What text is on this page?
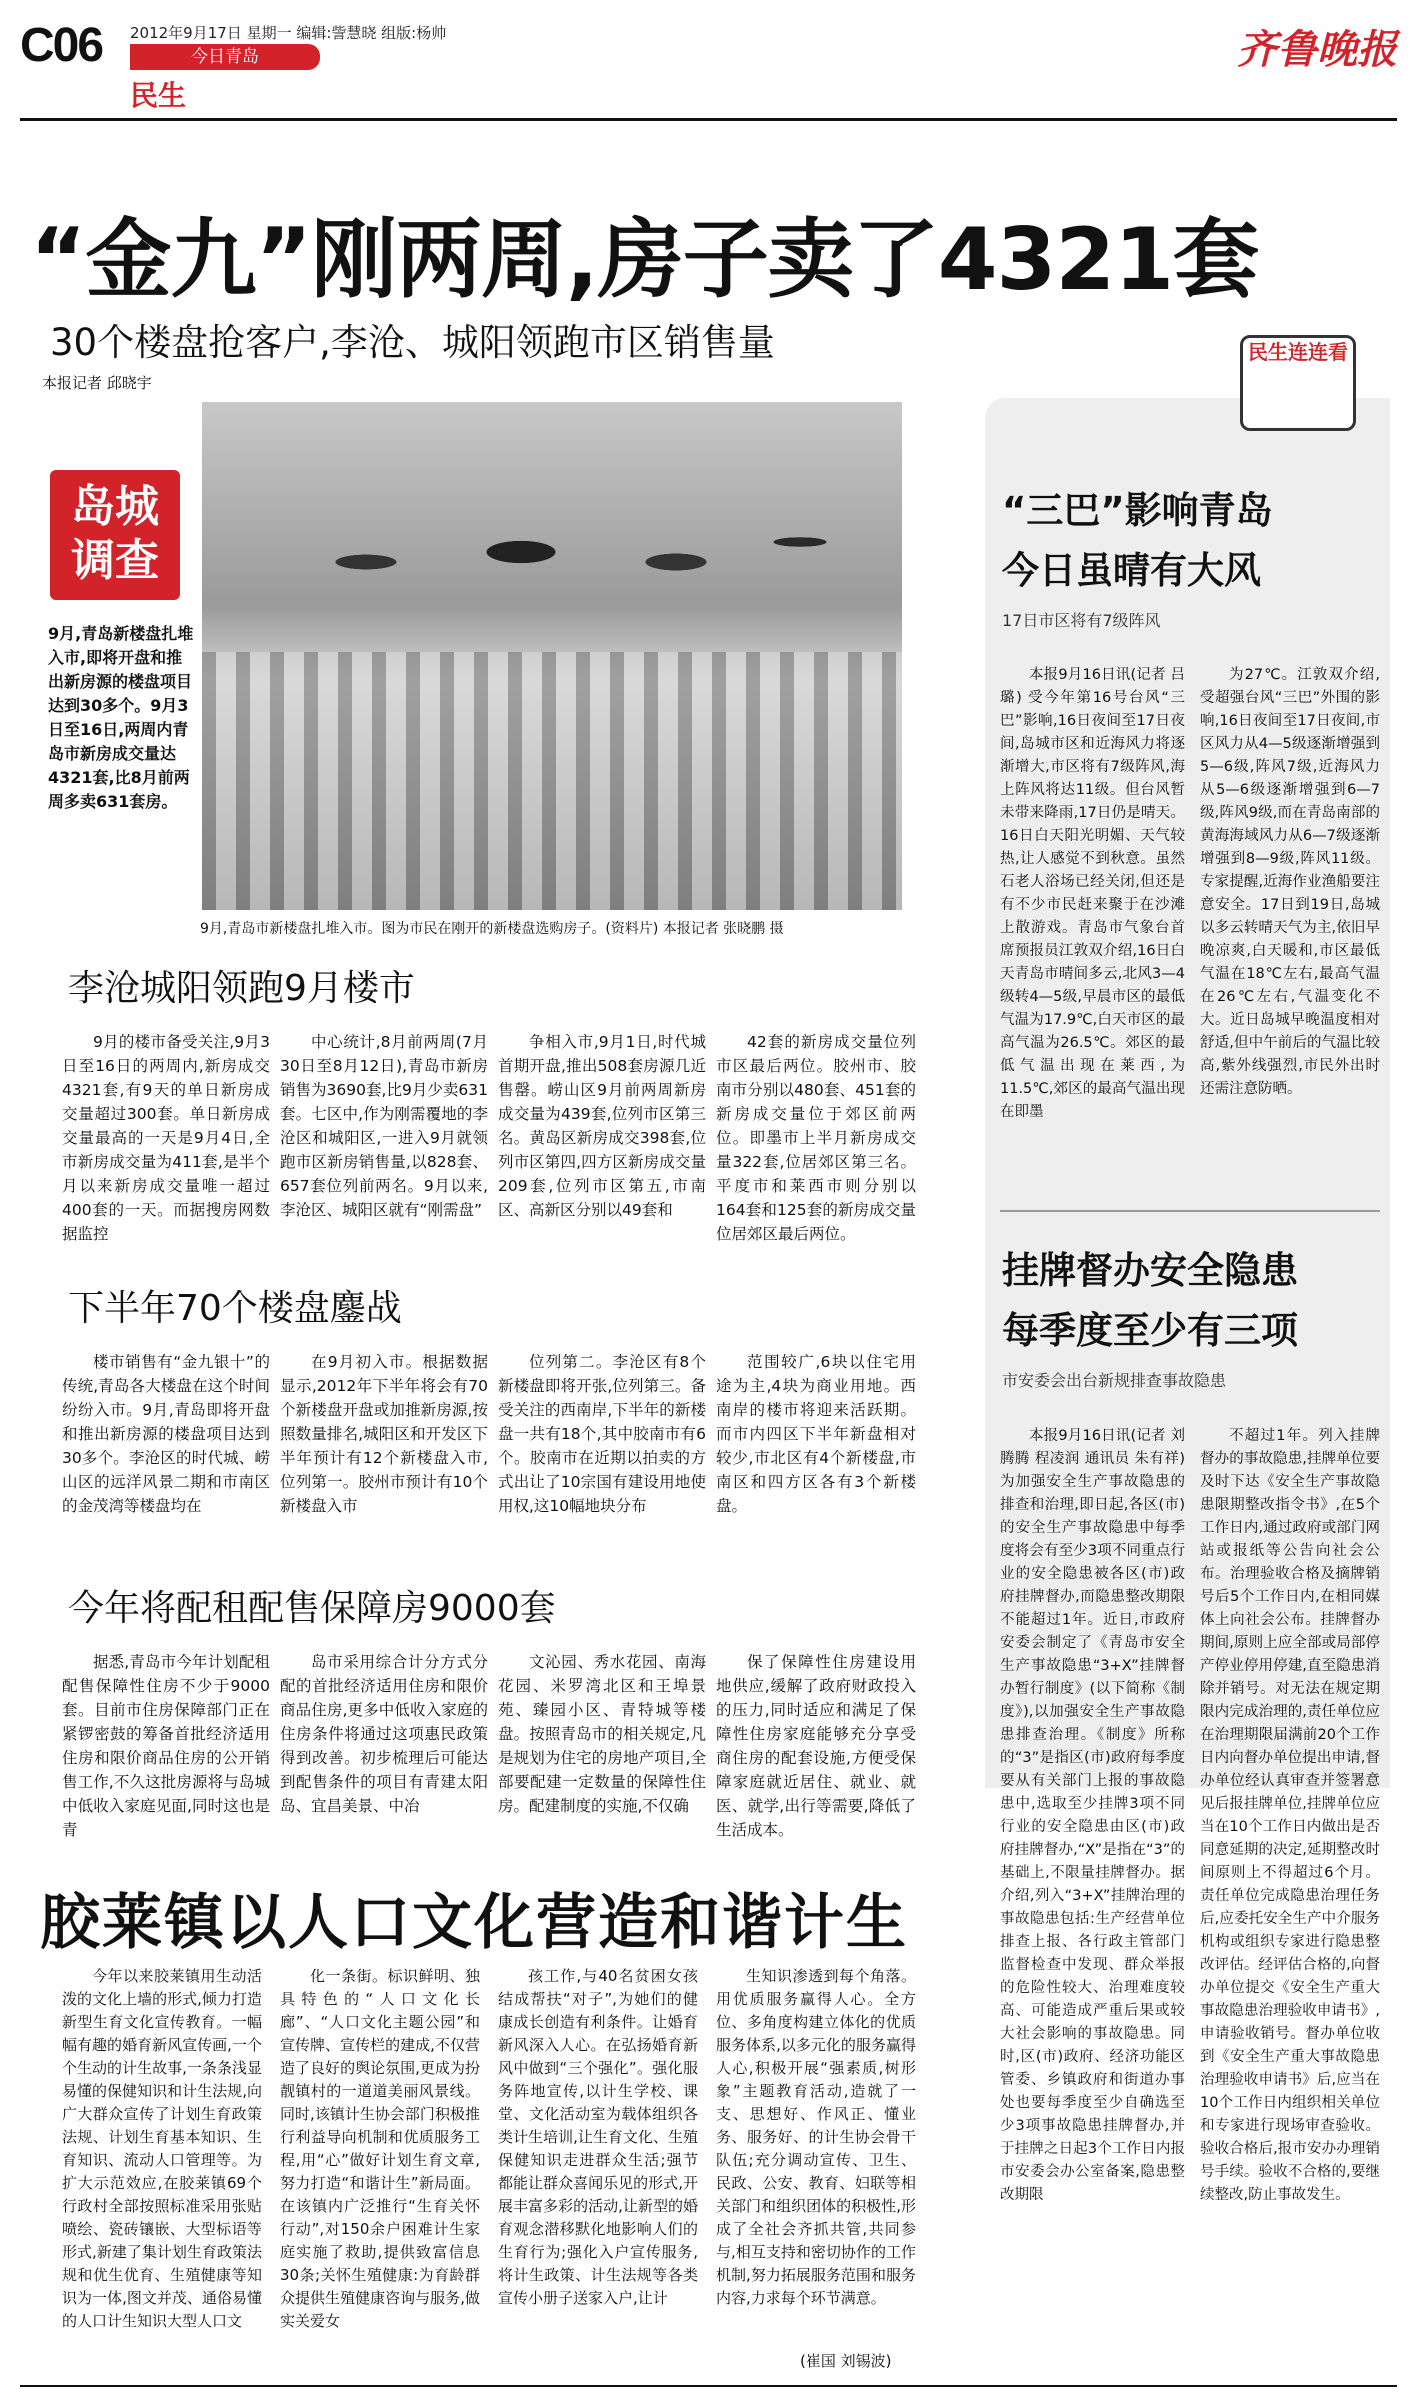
C06 2012年9月17日 星期一 编辑:訾慧晓 组版:杨帅
今日青岛
民生
齐鲁晚报
“金九”刚两周,房子卖了4321套
30个楼盘抢客户,李沧、城阳领跑市区销售量
本报记者 邱晓宇
岛城调查
9月,青岛新楼盘扎堆入市,即将开盘和推出新房源的楼盘项目达到30多个。9月3日至16日,两周内青岛市新房成交量达4321套,比8月前两周多卖631套房。
9月,青岛市新楼盘扎堆入市。图为市民在刚开的新楼盘选购房子。(资料片) 本报记者 张晓鹏 摄
李沧城阳领跑9月楼市
9月的楼市备受关注,9月3日至16日的两周内,新房成交4321套,有9天的单日新房成交量超过300套。单日新房成交量最高的一天是9月4日,全市新房成交量为411套,是半个月以来新房成交量唯一超过400套的一天。而据搜房网数据监控
中心统计,8月前两周(7月30日至8月12日),青岛市新房销售为3690套,比9月少卖631套。七区中,作为刚需覆地的李沧区和城阳区,一进入9月就领跑市区新房销售量,以828套、657套位列前两名。9月以来,李沧区、城阳区就有“刚需盘”
争相入市,9月1日,时代城首期开盘,推出508套房源几近售罄。崂山区9月前两周新房成交量为439套,位列市区第三名。黄岛区新房成交398套,位列市区第四,四方区新房成交量209套,位列市区第五,市南区、高新区分别以49套和
42套的新房成交量位列市区最后两位。胶州市、胶南市分别以480套、451套的新房成交量位于郊区前两位。即墨市上半月新房成交量322套,位居郊区第三名。平度市和莱西市则分别以164套和125套的新房成交量位居郊区最后两位。
下半年70个楼盘鏖战
楼市销售有“金九银十”的传统,青岛各大楼盘在这个时间纷纷入市。9月,青岛即将开盘和推出新房源的楼盘项目达到30多个。李沧区的时代城、崂山区的远洋风景二期和市南区的金茂湾等楼盘均在
在9月初入市。根据数据显示,2012年下半年将会有70个新楼盘开盘或加推新房源,按照数量排名,城阳区和开发区下半年预计有12个新楼盘入市,位列第一。胶州市预计有10个新楼盘入市
位列第二。李沧区有8个新楼盘即将开张,位列第三。备受关注的西南岸,下半年的新楼盘一共有18个,其中胶南市有6个。胶南市在近期以拍卖的方式出让了10宗国有建设用地使用权,这10幅地块分布
范围较广,6块以住宅用途为主,4块为商业用地。西南岸的楼市将迎来活跃期。而市内四区下半年新盘相对较少,市北区有4个新楼盘,市南区和四方区各有3个新楼盘。
今年将配租配售保障房9000套
据悉,青岛市今年计划配租配售保障性住房不少于9000套。目前市住房保障部门正在紧锣密鼓的筹备首批经济适用住房和限价商品住房的公开销售工作,不久这批房源将与岛城中低收入家庭见面,同时这也是青
岛市采用综合计分方式分配的首批经济适用住房和限价商品住房,更多中低收入家庭的住房条件将通过这项惠民政策得到改善。初步梳理后可能达到配售条件的项目有青建太阳岛、宜昌美景、中冶
文沁园、秀水花园、南海花园、米罗湾北区和王埠景苑、臻园小区、青特城等楼盘。按照青岛市的相关规定,凡是规划为住宅的房地产项目,全部要配建一定数量的保障性住房。配建制度的实施,不仅确
保了保障性住房建设用地供应,缓解了政府财政投入的压力,同时适应和满足了保障性住房家庭能够充分享受商住房的配套设施,方便受保障家庭就近居住、就业、就医、就学,出行等需要,降低了生活成本。
民生连连看
“三巴”影响青岛
今日虽晴有大风
17日市区将有7级阵风
本报9月16日讯(记者 吕璐) 受今年第16号台风“三巴”影响,16日夜间至17日夜间,岛城市区和近海风力将逐渐增大,市区将有7级阵风,海上阵风将达11级。但台风暂未带来降雨,17日仍是晴天。16日白天阳光明媚、天气较热,让人感觉不到秋意。虽然石老人浴场已经关闭,但还是有不少市民赶来聚于在沙滩上散游戏。青岛市气象台首席预报员江敦双介绍,16日白天青岛市晴间多云,北风3—4级转4—5级,早晨市区的最低气温为17.9℃,白天市区的最高气温为26.5℃。郊区的最低气温出现在莱西,为11.5℃,郊区的最高气温出现在即墨
为27℃。江敦双介绍,受超强台风“三巴”外围的影响,16日夜间至17日夜间,市区风力从4—5级逐渐增强到5—6级,阵风7级,近海风力从5—6级逐渐增强到6—7级,阵风9级,而在青岛南部的黄海海域风力从6—7级逐渐增强到8—9级,阵风11级。专家提醒,近海作业渔船要注意安全。17日到19日,岛城以多云转晴天气为主,依旧早晚凉爽,白天暖和,市区最低气温在18℃左右,最高气温在26℃左右,气温变化不大。近日岛城早晚温度相对舒适,但中午前后的气温比较高,紫外线强烈,市民外出时还需注意防晒。
挂牌督办安全隐患
每季度至少有三项
市安委会出台新规排查事故隐患
本报9月16日讯(记者 刘腾腾 程凌润 通讯员 朱有祥) 为加强安全生产事故隐患的排查和治理,即日起,各区(市)的安全生产事故隐患中每季度将会有至少3项不同重点行业的安全隐患被各区(市)政府挂牌督办,而隐患整改期限不能超过1年。近日,市政府安委会制定了《青岛市安全生产事故隐患“3+X”挂牌督办暂行制度》(以下简称《制度》),以加强安全生产事故隐患排查治理。《制度》所称的“3”是指区(市)政府每季度要从有关部门上报的事故隐患中,选取至少挂牌3项不同行业的安全隐患由区(市)政府挂牌督办,“X”是指在“3”的基础上,不限量挂牌督办。据介绍,列入“3+X”挂牌治理的事故隐患包括:生产经营单位排查上报、各行政主管部门监督检查中发现、群众举报的危险性较大、治理难度较高、可能造成严重后果或较大社会影响的事故隐患。同时,区(市)政府、经济功能区管委、乡镇政府和街道办事处也要每季度至少自确选至少3项事故隐患挂牌督办,并于挂牌之日起3个工作日内报市安委会办公室备案,隐患整改期限
不超过1年。列入挂牌督办的事故隐患,挂牌单位要及时下达《安全生产事故隐患限期整改指令书》,在5个工作日内,通过政府或部门网站或报纸等公告向社会公布。治理验收合格及摘牌销号后5个工作日内,在相同媒体上向社会公布。挂牌督办期间,原则上应全部或局部停产停业停用停建,直至隐患消除并销号。对无法在规定期限内完成治理的,责任单位应在治理期限届满前20个工作日内向督办单位提出申请,督办单位经认真审查并签署意见后报挂牌单位,挂牌单位应当在10个工作日内做出是否同意延期的决定,延期整改时间原则上不得超过6个月。责任单位完成隐患治理任务后,应委托安全生产中介服务机构或组织专家进行隐患整改评估。经评估合格的,向督办单位提交《安全生产重大事故隐患治理验收申请书》,申请验收销号。督办单位收到《安全生产重大事故隐患治理验收申请书》后,应当在10个工作日内组织相关单位和专家进行现场审查验收。验收合格后,报市安办办理销号手续。验收不合格的,要继续整改,防止事故发生。
胶莱镇以人口文化营造和谐计生
今年以来胶莱镇用生动活泼的文化上墙的形式,倾力打造新型生育文化宣传教育。一幅幅有趣的婚育新风宣传画,一个个生动的计生故事,一条条浅显易懂的保健知识和计生法规,向广大群众宣传了计划生育政策法规、计划生育基本知识、生育知识、流动人口管理等。为扩大示范效应,在胶莱镇69个行政村全部按照标准采用张贴喷绘、瓷砖镶嵌、大型标语等形式,新建了集计划生育政策法规和优生优育、生殖健康等知识为一体,图文并茂、通俗易懂的人口计生知识大型人口文
化一条街。标识鲜明、独具特色的“人口文化长廊”、“人口文化主题公园”和宣传牌、宣传栏的建成,不仅营造了良好的舆论氛围,更成为扮靓镇村的一道道美丽风景线。同时,该镇计生协会部门积极推行利益导向机制和优质服务工程,用“心”做好计划生育文章,努力打造“和谐计生”新局面。在该镇内广泛推行“生育关怀行动”,对150余户困难计生家庭实施了救助,提供致富信息30条;关怀生殖健康:为育龄群众提供生殖健康咨询与服务,做实关爱女
孩工作,与40名贫困女孩结成帮扶“对子”,为她们的健康成长创造有利条件。让婚育新风深入人心。在弘扬婚育新风中做到“三个强化”。强化服务阵地宣传,以计生学校、课堂、文化活动室为载体组织各类计生培训,让生育文化、生殖保健知识走进群众生活;强节都能让群众喜闻乐见的形式,开展丰富多彩的活动,让新型的婚育观念潜移默化地影响人们的生育行为;强化入户宣传服务,将计生政策、计生法规等各类宣传小册子送家入户,让计
生知识渗透到每个角落。用优质服务赢得人心。全方位、多角度构建立体化的优质服务体系,以多元化的服务赢得人心,积极开展“强素质,树形象”主题教育活动,造就了一支、思想好、作风正、懂业务、服务好、的计生协会骨干队伍;充分调动宣传、卫生、民政、公安、教育、妇联等相关部门和组织团体的积极性,形成了全社会齐抓共管,共同参与,相互支持和密切协作的工作机制,努力拓展服务范围和服务内容,力求每个环节满意。
(崔国 刘锡波)
